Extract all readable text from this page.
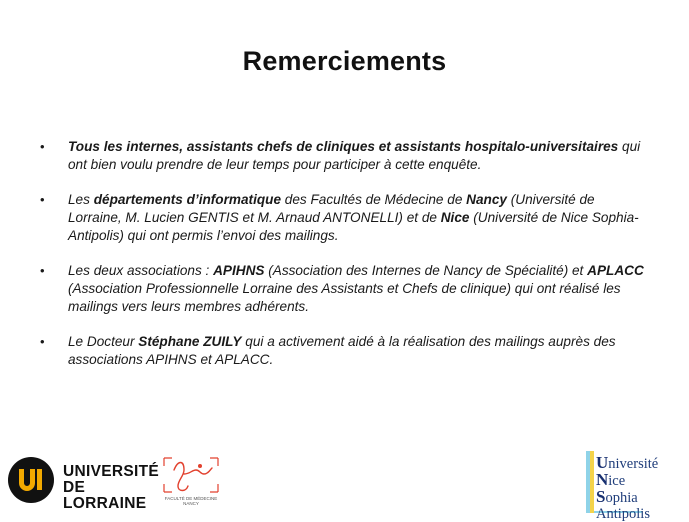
Remerciements
• Tous les internes, assistants chefs de cliniques et assistants hospitalo-universitaires qui ont bien voulu prendre de leur temps pour participer à cette enquête.
• Les départements d’informatique des Facultés de Médecine de Nancy (Université de Lorraine, M. Lucien GENTIS et M. Arnaud ANTONELLI) et de Nice (Université de Nice Sophia-Antipolis) qui ont permis l’envoi des mailings.
• Les deux associations : APIHNS (Association des Internes de Nancy de Spécialité) et APLACC (Association Professionnelle Lorraine des Assistants et Chefs de clinique) qui ont réalisé les mailings vers leurs membres adhérents.
• Le Docteur Stéphane ZUILY qui a activement aidé à la réalisation des mailings auprès des associations APIHNS et APLACC.
UNIVERSITÉ
DE LORRAINE	FACULTÉ DE MÉDECINE
NANCY
Université
Nice
Sophia Antipolis
